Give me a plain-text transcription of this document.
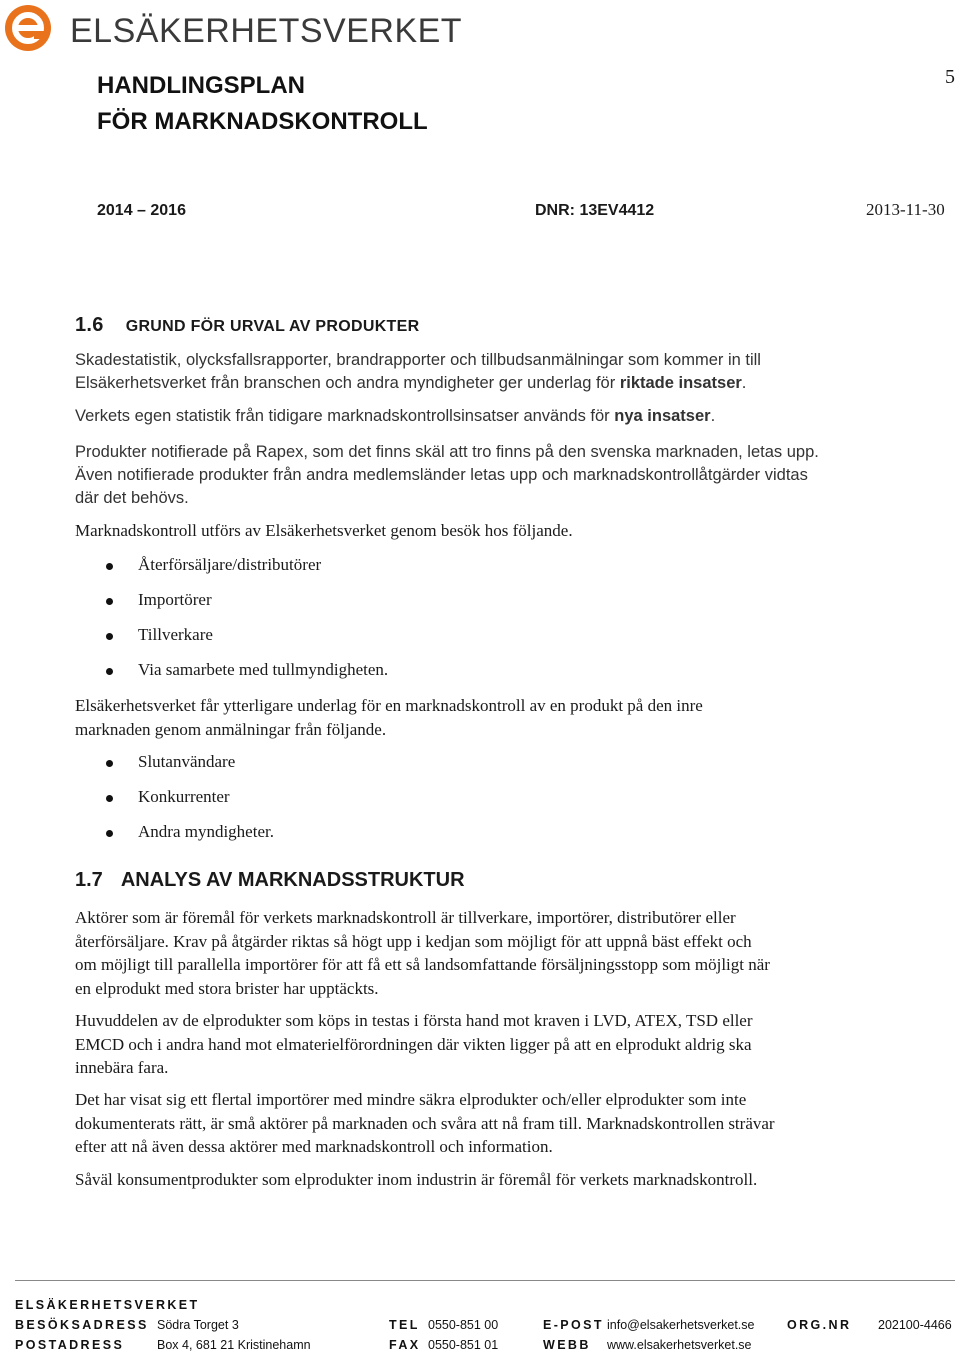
ELSÄKERHETSVERKET
HANDLINGSPLAN
FÖR MARKNADSKONTROLL
5
2014 – 2016	DNR: 13EV4412	2013-11-30
1.6 GRUND FÖR URVAL AV PRODUKTER
Skadestatistik, olycksfallsrapporter, brandrapporter och tillbudsanmälningar som kommer in till
Elsäkerhetsverket från branschen och andra myndigheter ger underlag för riktade insatser.
Verkets egen statistik från tidigare marknadskontrollsinsatser används för nya insatser.
Produkter notifierade på Rapex, som det finns skäl att tro finns på den svenska marknaden, letas upp.
Även notifierade produkter från andra medlemsländer letas upp och marknadskontrollåtgärder vidtas
där det behövs.
Marknadskontroll utförs av Elsäkerhetsverket genom besök hos följande.
Återförsäljare/distributörer
Importörer
Tillverkare
Via samarbete med tullmyndigheten.
Elsäkerhetsverket får ytterligare underlag för en marknadskontroll av en produkt på den inre
marknaden genom anmälningar från följande.
Slutanvändare
Konkurrenter
Andra myndigheter.
1.7 ANALYS AV MARKNADSSTRUKTUR
Aktörer som är föremål för verkets marknadskontroll är tillverkare, importörer, distributörer eller
återförsäljare. Krav på åtgärder riktas så högt upp i kedjan som möjligt för att uppnå bäst effekt och
om möjligt till parallella importörer för att få ett så landsomfattande försäljningsstopp som möjligt när
en elprodukt med stora brister har upptäckts.
Huvuddelen av de elprodukter som köps in testas i första hand mot kraven i LVD, ATEX, TSD eller
EMCD och i andra hand mot elmaterielförordningen där vikten ligger på att en elprodukt aldrig ska
innebära fara.
Det har visat sig ett flertal importörer med mindre säkra elprodukter och/eller elprodukter som inte
dokumenterats rätt, är små aktörer på marknaden och svåra att nå fram till. Marknadskontrollen strävar
efter att nå även dessa aktörer med marknadskontroll och information.
Såväl konsumentprodukter som elprodukter inom industrin är föremål för verkets marknadskontroll.
ELSÄKERHETSVERKET
BESÖKSADRESS Södra Torget 3
POSTADRESS	Box 4, 681 21 Kristinehamn
TEL 0550-851 00
FAX 0550-851 01
E-POST info@elsakerhetsverket.se
WEBB www.elsakerhetsverket.se
ORG.NR 202100-4466
